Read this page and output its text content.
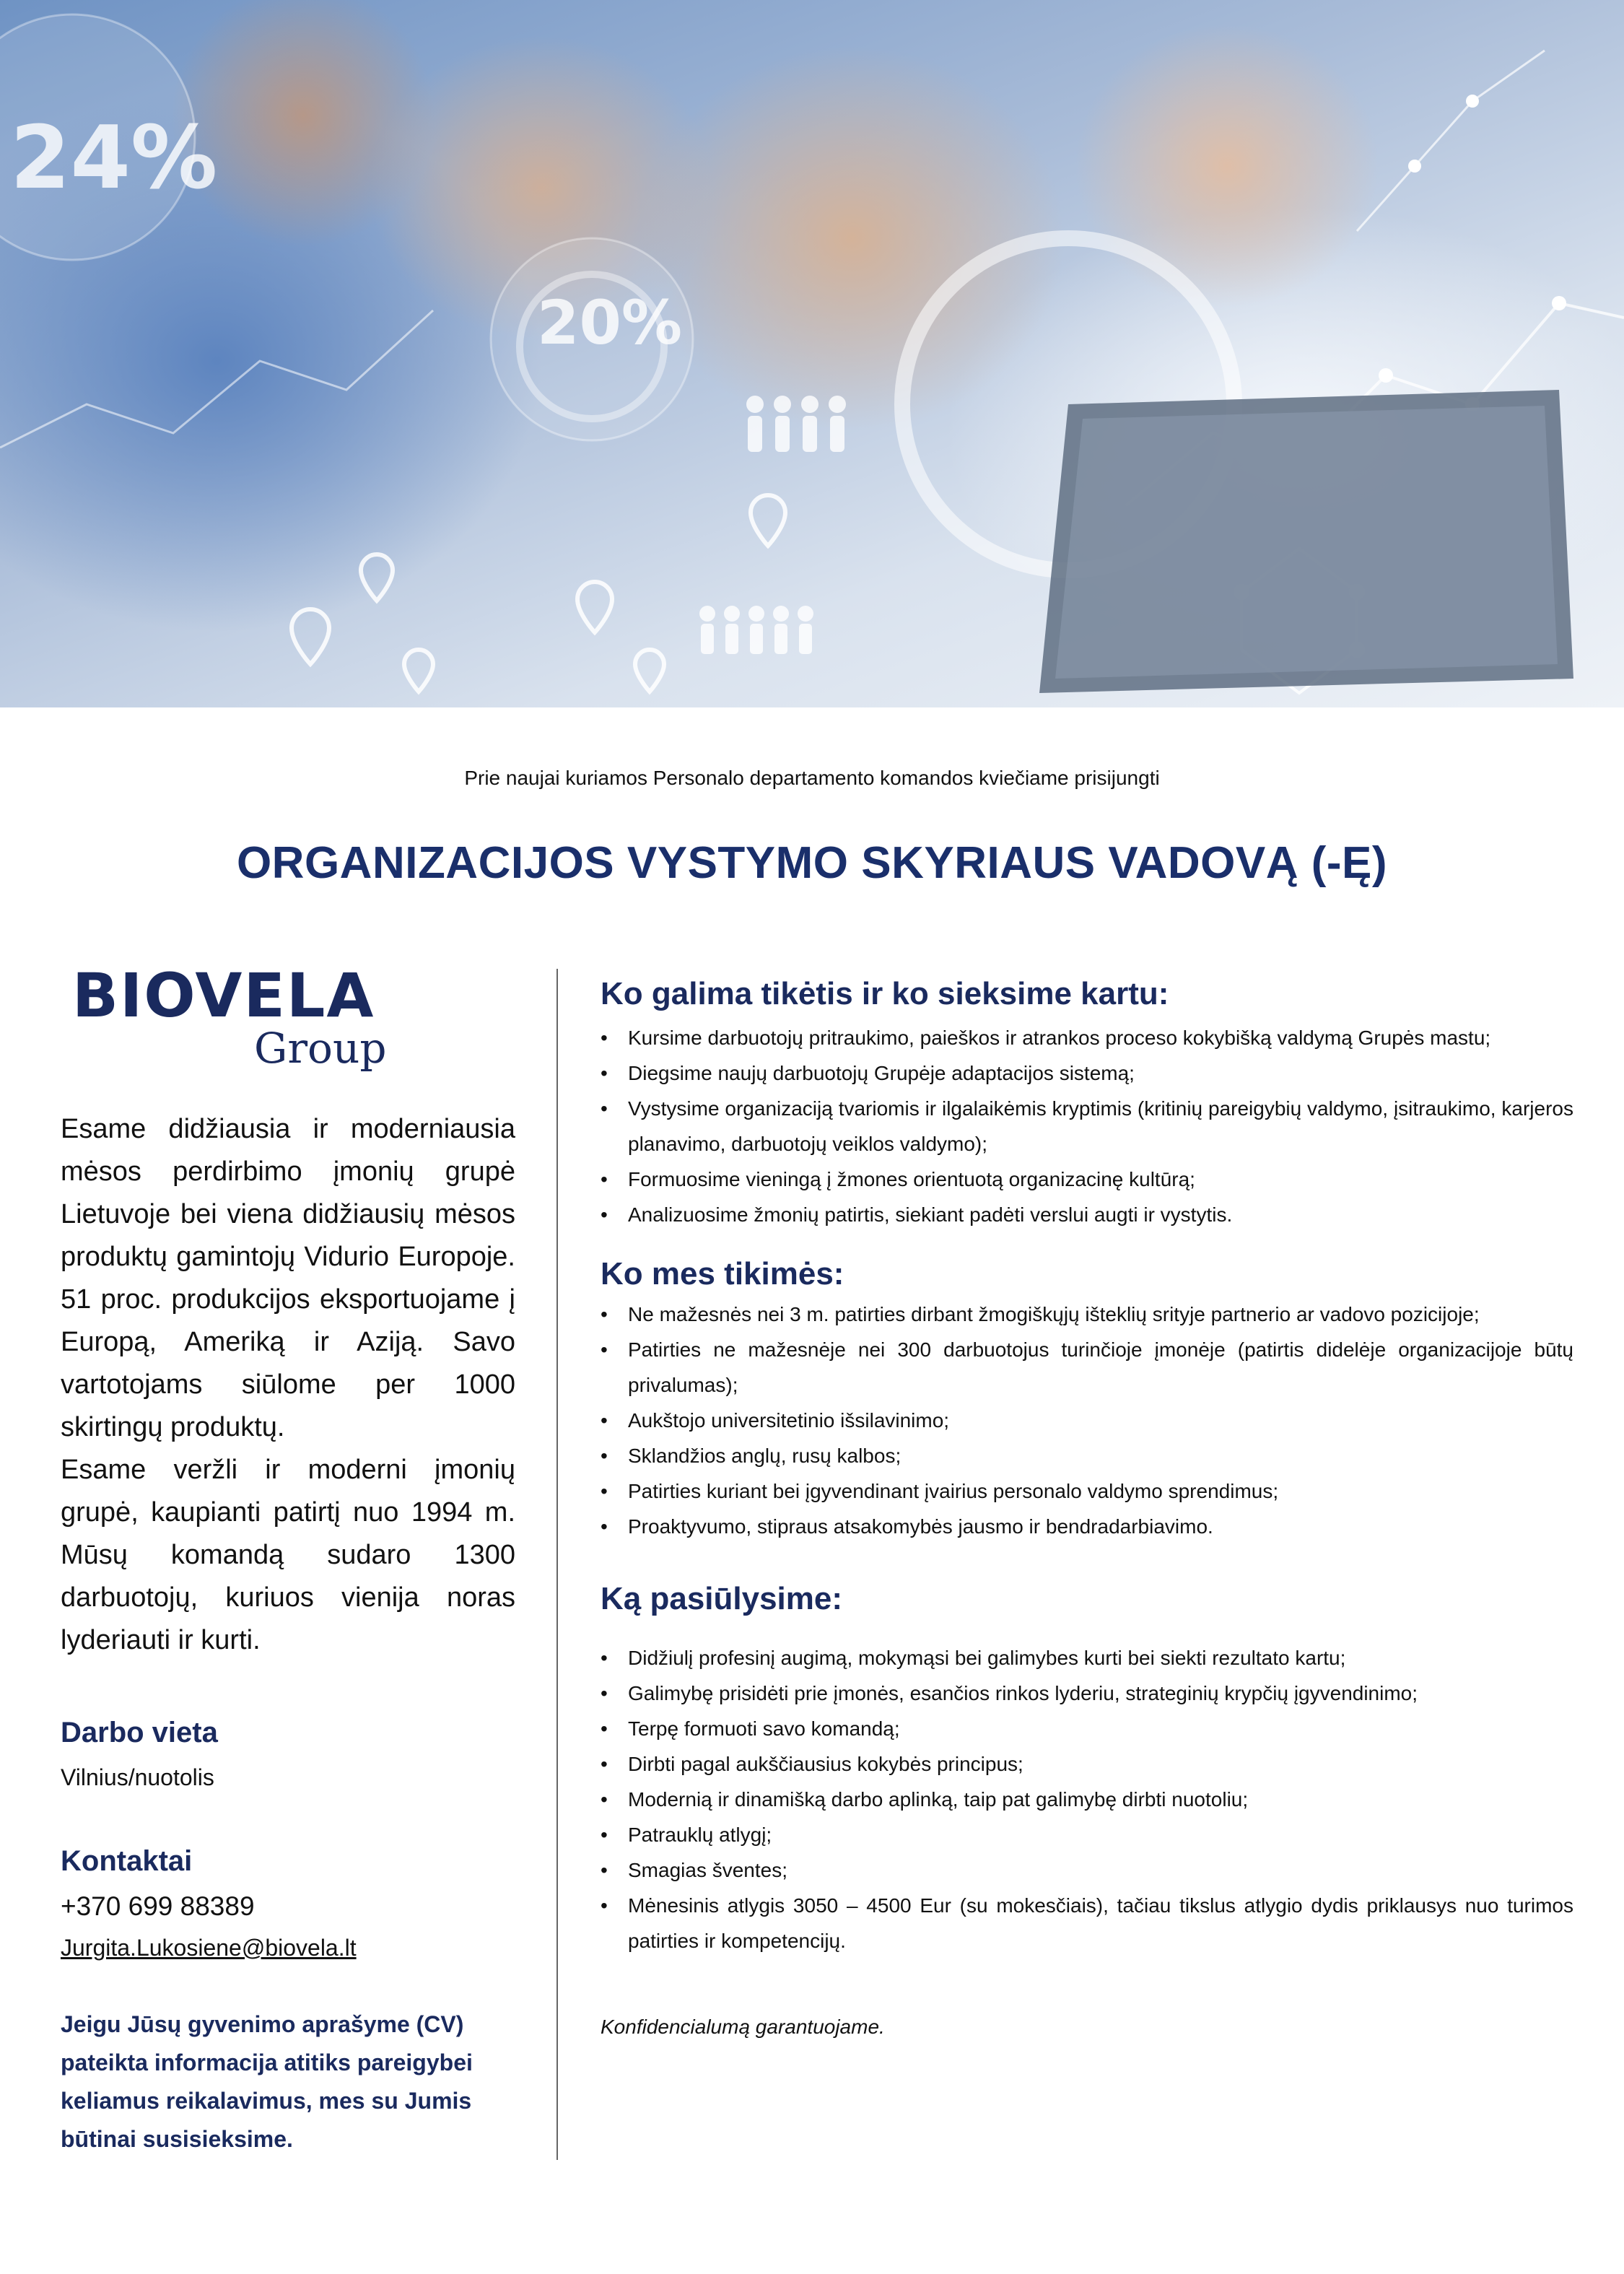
24%
20%
Prie naujai kuriamos Personalo departamento komandos kviečiame prisijungti
ORGANIZACIJOS VYSTYMO SKYRIAUS VADOVĄ (-Ę)
BIOVELA
Group

Esame didžiausia ir moderniausia mėsos perdirbimo įmonių grupė Lietuvoje bei viena didžiausių mėsos produktų gamintojų Vidurio Europoje. 51 proc. produkcijos eksportuojame į Europą, Ameriką ir Aziją. Savo vartotojams siūlome per 1000 skirtingų produktų.

Esame veržli ir moderni įmonių grupė, kaupianti patirtį nuo 1994 m. Mūsų komandą sudaro 1300 darbuotojų, kuriuos vienija noras lyderiauti ir kurti.

Darbo vieta
Vilnius/nuotolis
Kontaktai
+370 699 88389
Jurgita.Lukosiene@biovela.lt
Jeigu Jūsų gyvenimo aprašyme (CV) pateikta informacija atitiks pareigybei keliamus reikalavimus, mes su Jumis būtinai susisieksime.
Ko galima tikėtis ir ko sieksime kartu:
• Kursime darbuotojų pritraukimo, paieškos ir atrankos proceso kokybišką valdymą Grupės mastu;
• Diegsime naujų darbuotojų Grupėje adaptacijos sistemą;
• Vystysime organizaciją tvariomis ir ilgalaikėmis kryptimis (kritinių pareigybių valdymo, įsitraukimo, karjeros planavimo, darbuotojų veiklos valdymo);
• Formuosime vieningą į žmones orientuotą organizacinę kultūrą;
• Analizuosime žmonių patirtis, siekiant padėti verslui augti ir vystytis.
Ko mes tikimės:
• Ne mažesnės nei 3 m. patirties dirbant žmogiškųjų išteklių srityje partnerio ar vadovo pozicijoje;
• Patirties ne mažesnėje nei 300 darbuotojus turinčioje įmonėje (patirtis didelėje organizacijoje būtų privalumas);
• Aukštojo universitetinio išsilavinimo;
• Sklandžios anglų, rusų kalbos;
• Patirties kuriant bei įgyvendinant įvairius personalo valdymo sprendimus;
• Proaktyvumo, stipraus atsakomybės jausmo ir bendradarbiavimo.
Ką pasiūlysime:
• Didžiulį profesinį augimą, mokymąsi bei galimybes kurti bei siekti rezultato kartu;
• Galimybę prisidėti prie įmonės, esančios rinkos lyderiu, strateginių krypčių įgyvendinimo;
• Terpę formuoti savo komandą;
• Dirbti pagal aukščiausius kokybės principus;
• Modernią ir dinamišką darbo aplinką, taip pat galimybę dirbti nuotoliu;
• Patrauklų atlygį;
• Smagias šventes;
• Mėnesinis atlygis 3050 – 4500 Eur (su mokesčiais), tačiau tikslus atlygio dydis priklausys nuo turimos patirties ir kompetencijų.
Konfidencialumą garantuojame.
